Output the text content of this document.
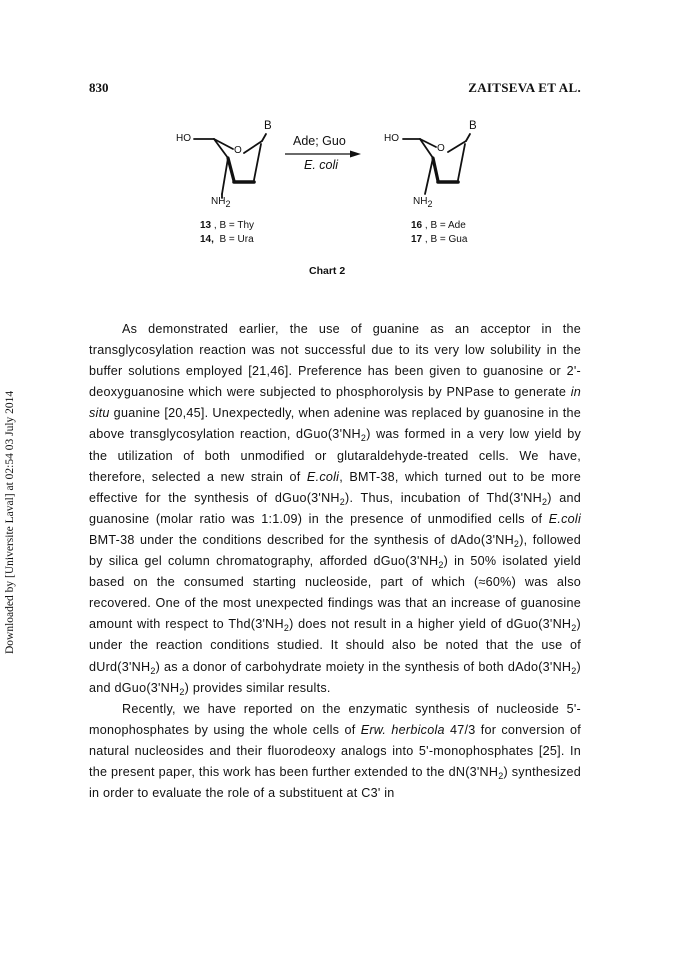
830	ZAITSEVA ET AL.
Downloaded by [Universite Laval] at 02:54 03 July 2014
HO
O
B
$NH_2$
13 , B = Thy
14,  B = Ura
Ade; Guo
E. coli
HO
O
B
$NH_2$
16 , B = Ade
17 , B = Gua
Chart 2

As demonstrated earlier, the use of guanine as an acceptor in the transglycosylation reaction was not successful due to its very low solubility in the buffer solutions employed [21,46]. Preference has been given to guanosine or 2'-deoxyguanosine which were subjected to phosphorolysis by PNPase to generate in situ guanine [20,45]. Unexpectedly, when adenine was replaced by guanosine in the above transglycosylation reaction, $dGuo(3'NH_2)$ was formed in a very low yield by the utilization of both unmodified or glutaraldehyde-treated cells. We have, therefore, selected a new strain of E.coli, BMT-38, which turned out to be more effective for the synthesis of $dGuo(3'NH_2)$. Thus, incubation of $Thd(3'NH_2)$ and guanosine (molar ratio was 1:1.09) in the presence of unmodified cells of E.coli BMT-38 under the conditions described for the synthesis of $dAdo(3'NH_2)$, followed by silica gel column chromatography, afforded $dGuo(3'NH_2)$ in 50% isolated yield based on the consumed starting nucleoside, part of which (≈60%) was also recovered. One of the most unexpected findings was that an increase of guanosine amount with respect to $Thd(3'NH_2)$ does not result in a higher yield of $dGuo(3'NH_2)$ under the reaction conditions studied. It should also be noted that the use of $dUrd(3'NH_2)$ as a donor of carbohydrate moiety in the synthesis of both $dAdo(3'NH_2)$ and $dGuo(3'NH_2)$ provides similar results.

Recently, we have reported on the enzymatic synthesis of nucleoside 5'-monophosphates by using the whole cells of Erw. herbicola 47/3 for conversion of natural nucleosides and their fluorodeoxy analogs into 5'-monophosphates [25]. In the present paper, this work has been further extended to the $dN(3'NH_2)$ synthesized in order to evaluate the role of a substituent at C3' in
